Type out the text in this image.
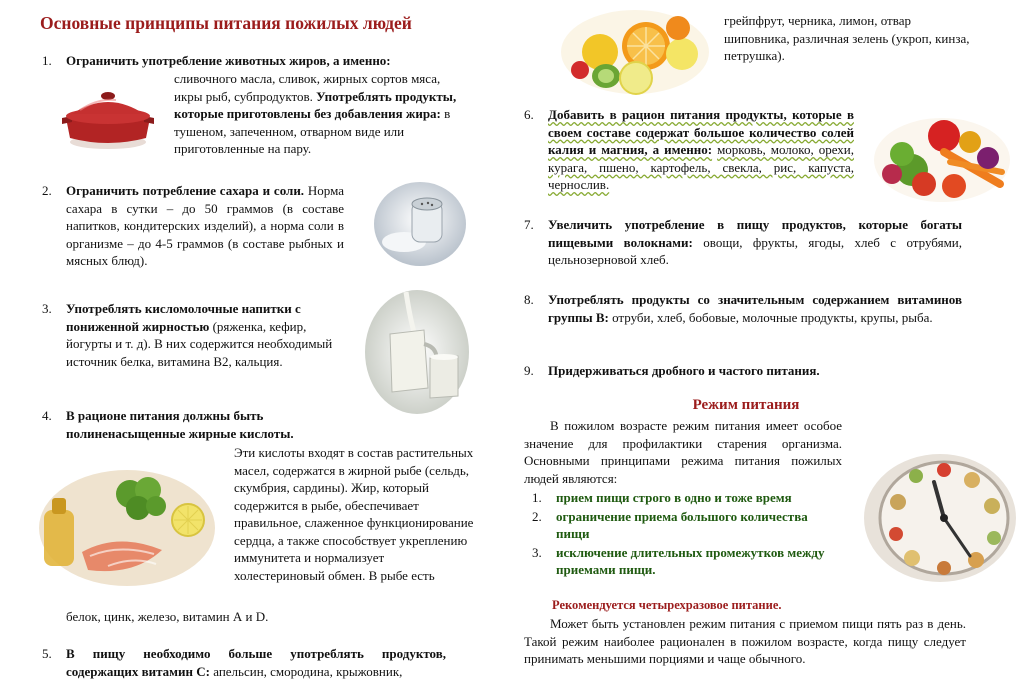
Основные принципы питания пожилых людей
1. Ограничить употребление животных жиров, а именно:
сливочного масла, сливок, жирных сортов мяса, икры рыб, субпродуктов. Употреблять продукты, которые приготовлены без добавления жира: в тушеном, запеченном, отварном виде или приготовленные на пару.
2. Ограничить потребление сахара и соли. Норма сахара в сутки – до 50 граммов (в составе напитков, кондитерских изделий), а норма соли в организме – до 4-5 граммов (в составе рыбных и мясных блюд).
3. Употреблять кисломолочные напитки с пониженной жирностью (ряженка, кефир, йогурты и т. д). В них содержится необходимый источник белка, витамина В2, кальция.
4. В рационе питания должны быть полиненасыщенные жирные кислоты.
Эти кислоты входят в состав растительных масел, содержатся в жирной рыбе (сельдь, скумбрия, сардины). Жир, который содержится в рыбе, обеспечивает правильное, слаженное функционирование сердца, а также способствует укреплению иммунитета и нормализует холестериновый обмен. В рыбе есть
белок, цинк, железо, витамин А и D.
5. В пищу необходимо больше употреблять продуктов, содержащих витамин С: апельсин, смородина, крыжовник,
грейпфрут, черника, лимон, отвар шиповника, различная зелень (укроп, кинза, петрушка).
6. Добавить в рацион питания продукты, которые в своем составе содержат большое количество солей калия и магния, а именно: морковь, молоко, орехи, курага, пшено, картофель, свекла, рис, капуста, чернослив.
7. Увеличить употребление в пищу продуктов, которые богаты пищевыми волокнами: овощи, фрукты, ягоды, хлеб с отрубями, цельнозерновой хлеб.
8. Употреблять продукты со значительным содержанием витаминов группы В: отруби, хлеб, бобовые, молочные продукты, крупы, рыба.
9. Придерживаться дробного и частого питания.
Режим питания
В пожилом возрасте режим питания имеет особое значение для профилактики старения организма. Основными принципами режима питания пожилых людей являются:
1. прием пищи строго в одно и тоже время
2. ограничение приема большого количества пищи
3. исключение длительных промежутков между приемами пищи.
Рекомендуется четырехразовое питание.
Может быть установлен режим питания с приемом пищи пять раз в день. Такой режим наиболее рационален в пожилом возрасте, когда пищу следует принимать меньшими порциями и чаще обычного.
